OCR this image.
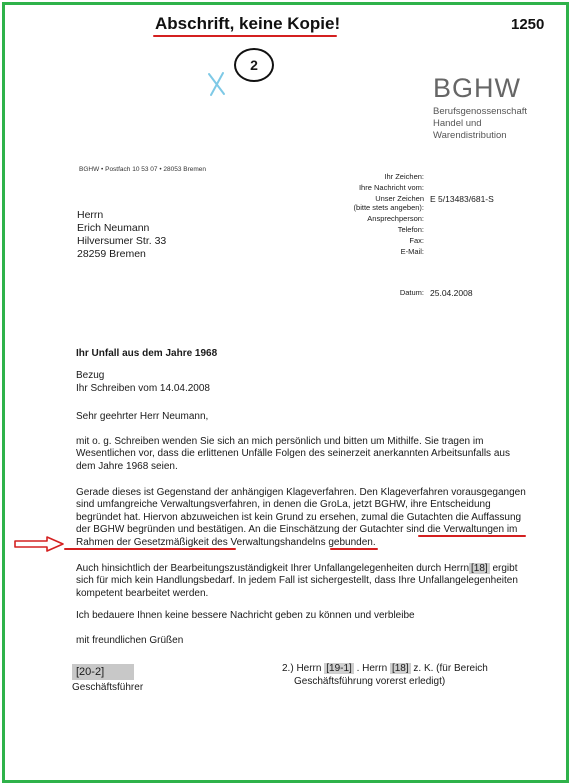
Abschrift, keine Kopie!	1250
2
BGHW
Berufsgenossenschaft
Handel und
Warendistribution
BGHW • Postfach 10 53 07 • 28053 Bremen
Herrn
Erich Neumann
Hilversumer Str. 33
28259 Bremen
Ihr Zeichen:
Ihre Nachricht vom:
Unser Zeichen
(bitte stets angeben):
E 5/13483/681-S
Ansprechperson:
Telefon:
Fax:
E-Mail:
Datum: 25.04.2008
Ihr Unfall aus dem Jahre 1968

Bezug
Ihr Schreiben vom 14.04.2008

Sehr geehrter Herr Neumann,

mit o. g. Schreiben wenden Sie sich an mich persönlich und bitten um Mithilfe. Sie tragen im Wesentlichen vor, dass die erlittenen Unfälle Folgen des seinerzeit anerkannten Arbeitsunfalls aus dem Jahre 1968 seien.

Gerade dieses ist Gegenstand der anhängigen Klageverfahren. Den Klageverfahren vorausgegangen sind umfangreiche Verwaltungsverfahren, in denen die GroLa, jetzt BGHW, ihre Entscheidung begründet hat. Hiervon abzuweichen ist kein Grund zu ersehen, zumal die Gutachten die Auffassung der BGHW begründen und bestätigen. An die Einschätzung der Gutachter sind die Verwaltungen im Rahmen der Gesetzmäßigkeit des Verwaltungshandelns gebunden.

Auch hinsichtlich der Bearbeitungszuständigkeit Ihrer Unfallangelegenheiten durch Herrn [18] ergibt sich für mich kein Handlungsbedarf. In jedem Fall ist sichergestellt, dass Ihre Unfallangelegenheiten kompetent bearbeitet werden.

Ich bedauere Ihnen keine bessere Nachricht geben zu können und verbleibe

mit freundlichen Grüßen

[20-2]
Geschäftsführer
2.) Herrn [19-1] . Herrn [18] z. K. (für Bereich
Geschäftsführung vorerst erledigt)
